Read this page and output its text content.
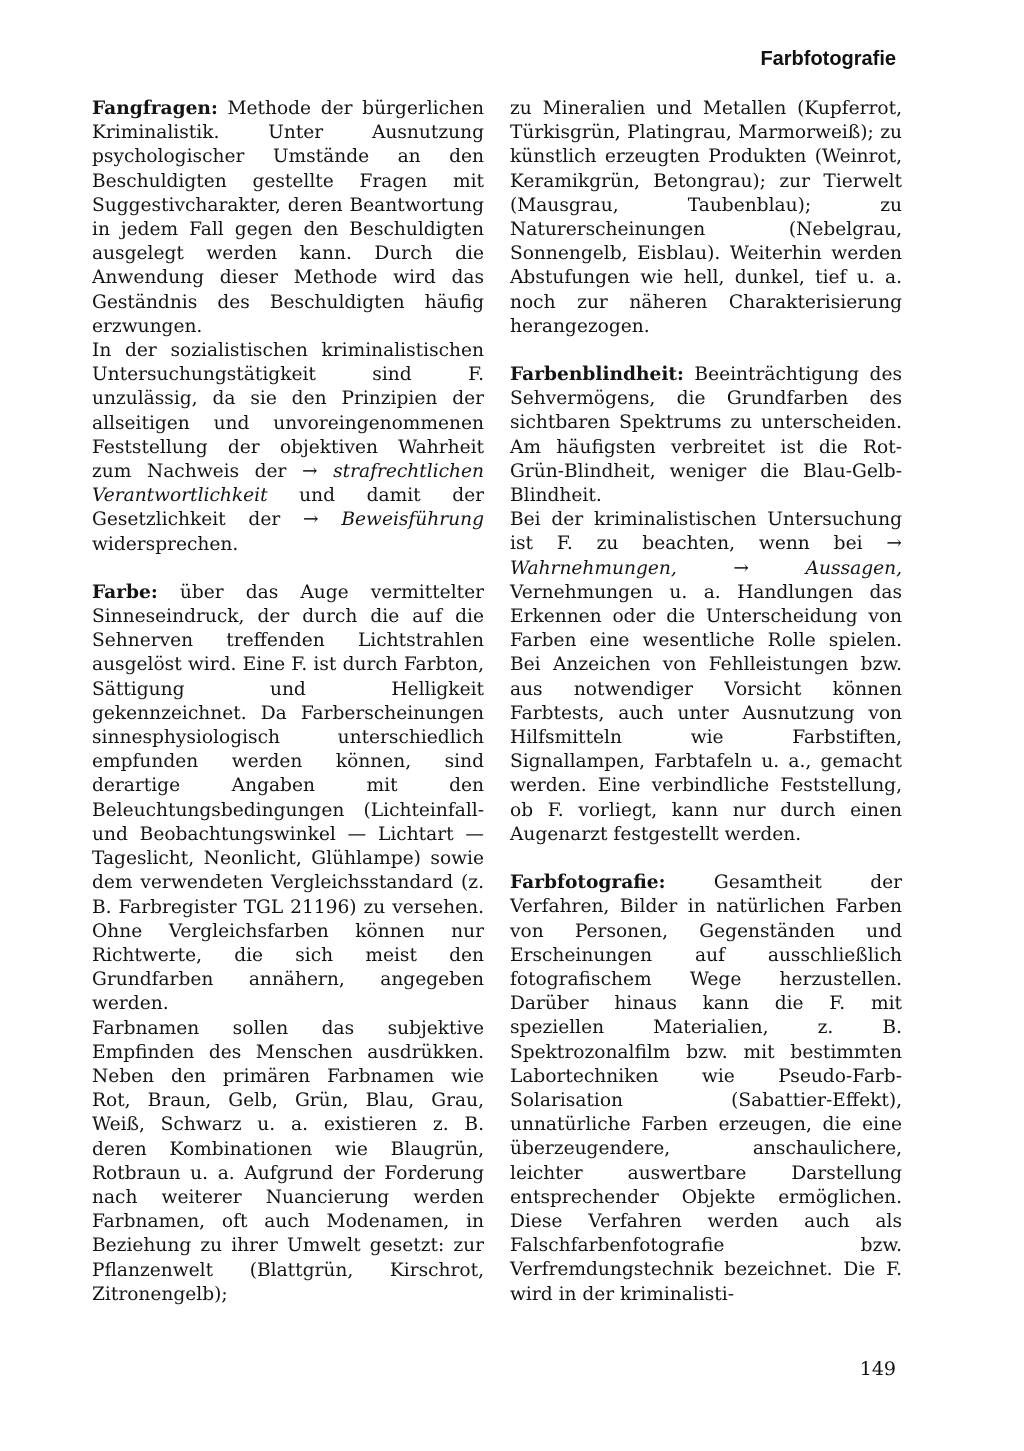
Farbfotografie

Fangfragen: Methode der bürgerlichen Kriminalistik. Unter Ausnutzung psychologischer Umstände an den Beschuldigten gestellte Fragen mit Suggestivcharakter, deren Beantwortung in jedem Fall gegen den Beschuldigten ausgelegt werden kann. Durch die Anwendung dieser Methode wird das Geständnis des Beschuldigten häufig erzwungen.

In der sozialistischen kriminalistischen Untersuchungstätigkeit sind F. unzulässig, da sie den Prinzipien der allseitigen und unvoreingenommenen Feststellung der objektiven Wahrheit zum Nachweis der → strafrechtlichen Verantwortlichkeit und damit der Gesetzlichkeit der → Beweisführung widersprechen.

Farbe: über das Auge vermittelter Sinneseindruck, der durch die auf die Sehnerven treffenden Lichtstrahlen ausgelöst wird. Eine F. ist durch Farbton, Sättigung und Helligkeit gekennzeichnet. Da Farberscheinungen sinnesphysiologisch unterschiedlich empfunden werden können, sind derartige Angaben mit den Beleuchtungsbedingungen (Lichteinfall- und Beobachtungswinkel — Lichtart — Tageslicht, Neonlicht, Glühlampe) sowie dem verwendeten Vergleichsstandard (z. B. Farbregister TGL 21196) zu versehen. Ohne Vergleichsfarben können nur Richtwerte, die sich meist den Grundfarben annähern, angegeben werden.

Farbnamen sollen das subjektive Empfinden des Menschen ausdrükken. Neben den primären Farbnamen wie Rot, Braun, Gelb, Grün, Blau, Grau, Weiß, Schwarz u. a. existieren z. B. deren Kombinationen wie Blaugrün, Rotbraun u. a. Aufgrund der Forderung nach weiterer Nuancierung werden Farbnamen, oft auch Modenamen, in Beziehung zu ihrer Umwelt gesetzt: zur Pflanzenwelt (Blattgrün, Kirschrot, Zitronengelb);

zu Mineralien und Metallen (Kupferrot, Türkisgrün, Platingrau, Marmorweiß); zu künstlich erzeugten Produkten (Weinrot, Keramikgrün, Betongrau); zur Tierwelt (Mausgrau, Taubenblau); zu Naturerscheinungen (Nebelgrau, Sonnengelb, Eisblau). Weiterhin werden Abstufungen wie hell, dunkel, tief u. a. noch zur näheren Charakterisierung herangezogen.

Farbenblindheit: Beeinträchtigung des Sehvermögens, die Grundfarben des sichtbaren Spektrums zu unterscheiden. Am häufigsten verbreitet ist die Rot-Grün-Blindheit, weniger die Blau-Gelb-Blindheit.

Bei der kriminalistischen Untersuchung ist F. zu beachten, wenn bei → Wahrnehmungen,	→ Aussagen, Vernehmungen u. a. Handlungen das Erkennen oder die Unterscheidung von Farben eine wesentliche Rolle spielen. Bei Anzeichen von Fehlleistungen bzw. aus notwendiger Vorsicht können Farbtests, auch unter Ausnutzung von Hilfsmitteln wie Farbstiften, Signallampen, Farbtafeln u. a., gemacht werden. Eine verbindliche Feststellung, ob F. vorliegt, kann nur durch einen Augenarzt festgestellt werden.

Farbfotografie: Gesamtheit der Verfahren, Bilder in natürlichen Farben von Personen, Gegenständen und Erscheinungen auf ausschließlich fotografischem Wege herzustellen. Darüber hinaus kann die F. mit speziellen Materialien, z. B. Spektrozonalfilm bzw. mit bestimmten Labortechniken wie Pseudo-Farb-Solarisation (Sabattier-Effekt), unnatürliche Farben erzeugen, die eine überzeugendere, anschaulichere, leichter auswertbare Darstellung entsprechender Objekte ermöglichen. Diese Verfahren werden auch als Falschfarbenfotografie bzw. Verfremdungstechnik bezeichnet. Die F. wird in der kriminalisti-

149
